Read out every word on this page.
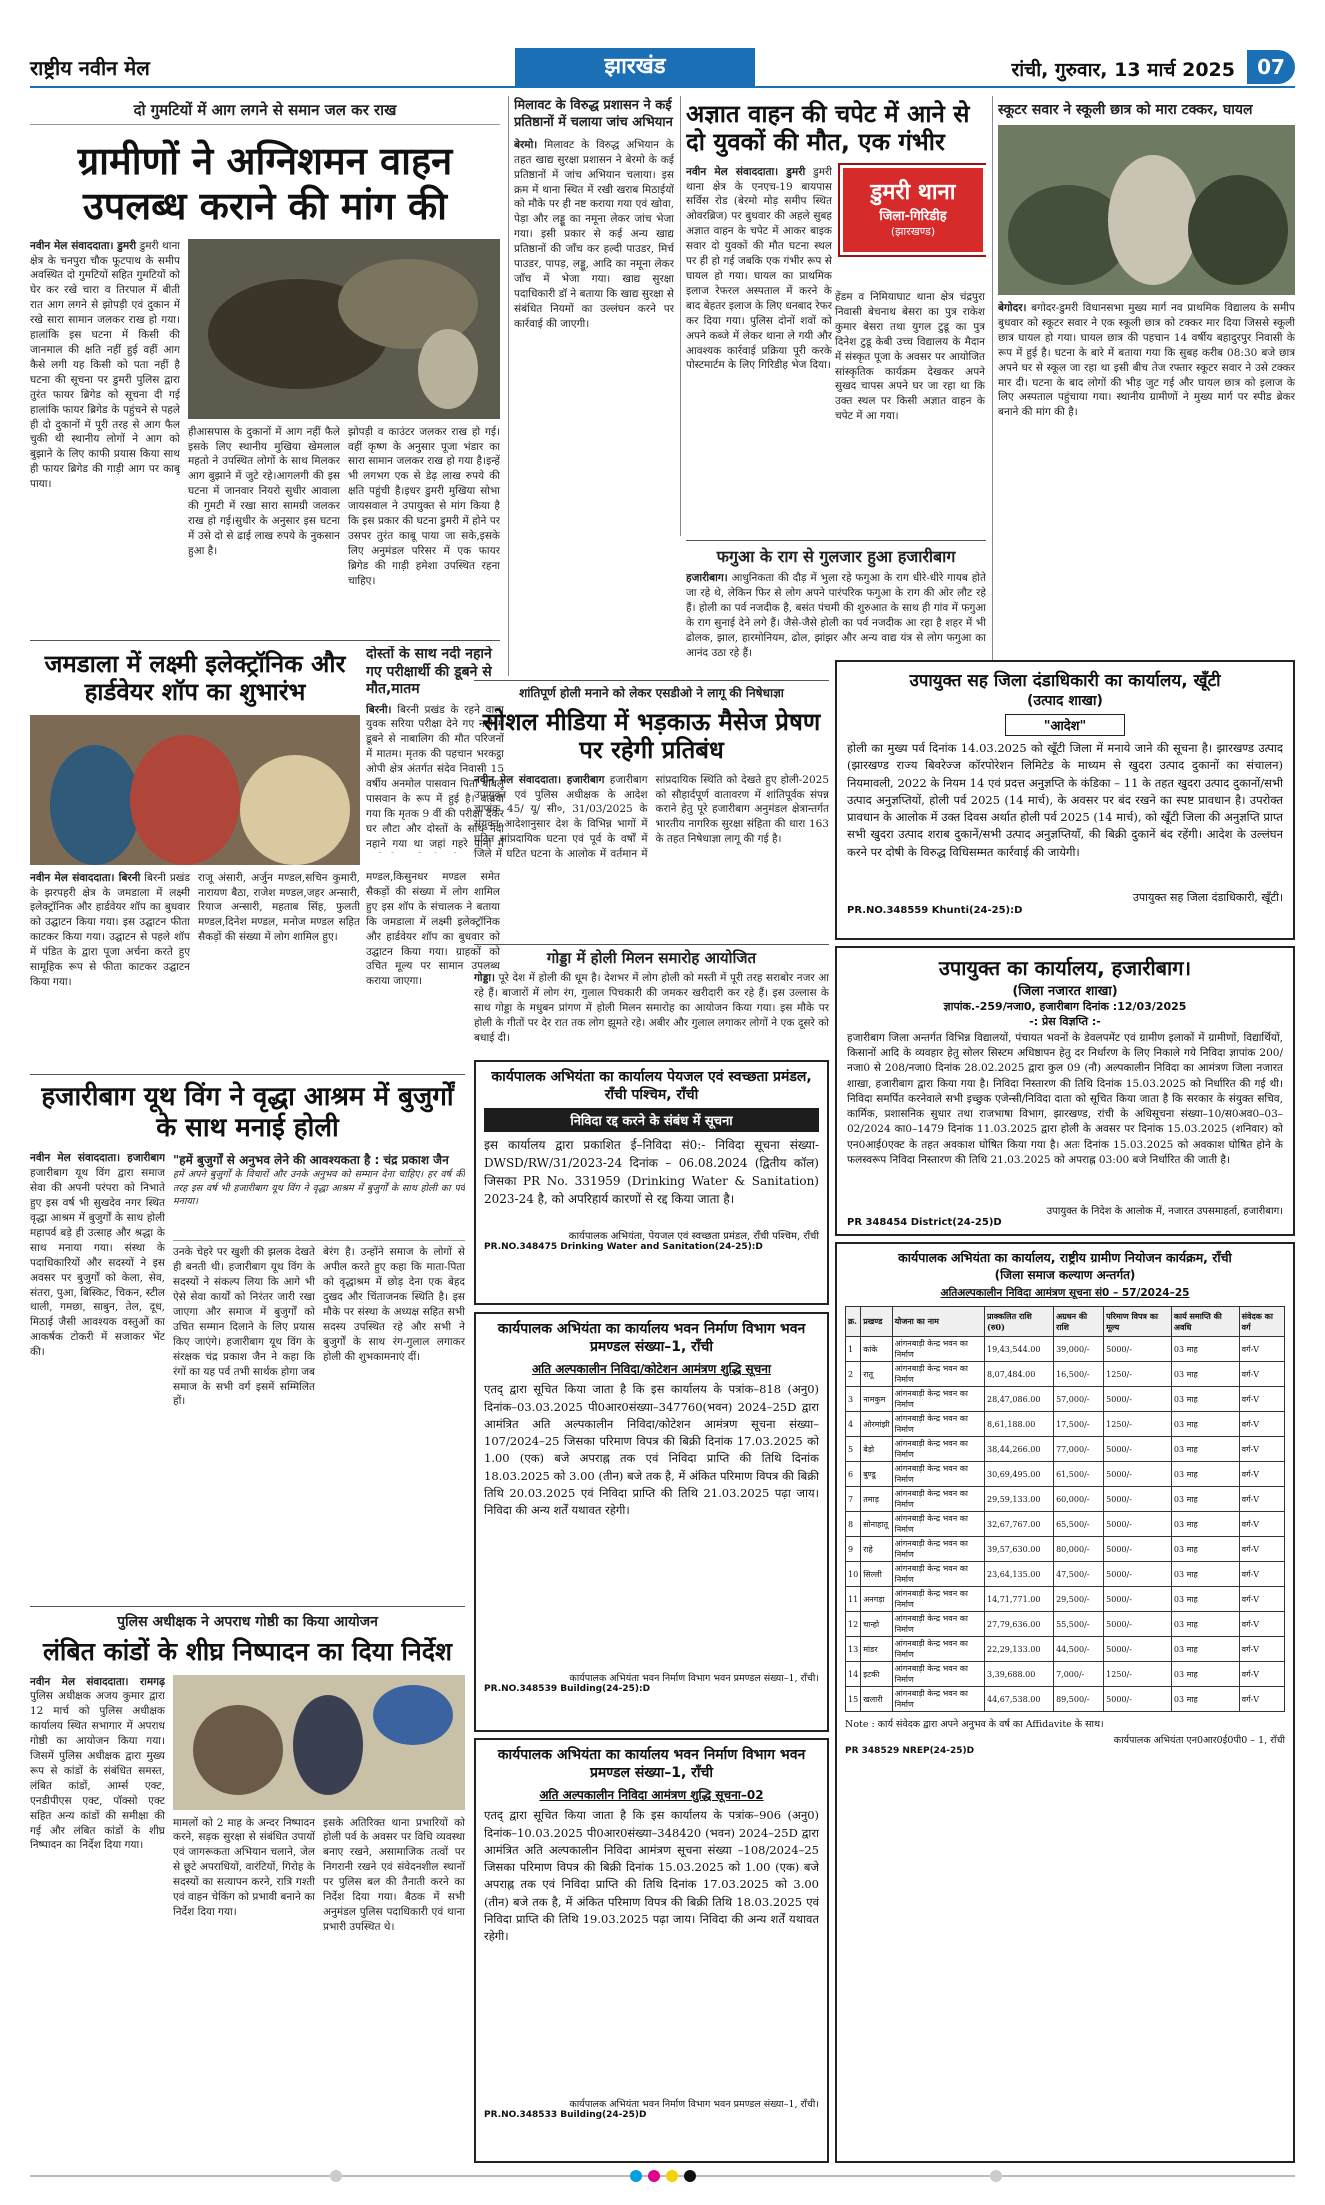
राष्ट्रीय नवीन मेल	झारखंड	रांची, गुरुवार, 13 मार्च 2025	07
दो गुमटियों में आग लगने से समान जल कर राख
ग्रामीणों ने अग्निशमन वाहन उपलब्ध कराने की मांग की
नवीन मेल संवाददाता। डुमरी डुमरी थाना क्षेत्र के चनपुरा चौक फूटपाथ के समीप अवस्थित दो गुमटियों सहित गुमटियों को घेर कर रखे चारा व तिरपाल में बीती रात आग लगने से झोपड़ी एवं दुकान में रखे सारा सामान जलकर राख हो गया। हालांकि इस घटना में किसी की जानमाल की क्षति नहीं हुई वहीं आग कैसे लगी यह किसी को पता नहीं है घटना की सूचना पर डुमरी पुलिस द्वारा तुरंत फायर ब्रिगेड को सूचना दी गई हालांकि फायर ब्रिगेड के पहुंचने से पहले ही दो दुकानों में पूरी तरह से आग फैल चुकी थी स्थानीय लोगों ने आग को बुझाने के लिए काफी प्रयास किया साथ ही फायर ब्रिगेड की गाड़ी आग पर काबू पाया।
हीआसपास के दुकानों में आग नहीं फैले इसके लिए स्थानीय मुखिया खेमलाल महतो ने उपस्थित लोगों के साथ मिलकर आग बुझाने में जुटे रहे।आगलगी की इस घटना में जानवार नियरो सुधीर आवाला की गुमटी में रखा सारा सामग्री जलकर राख हो गई।सुधीर के अनुसार इस घटना में उसे दो से ढाई लाख रुपये के नुकसान हुआ है।
झोपड़ी व काउंटर जलकर राख हो गई।वहीं कृष्ण के अनुसार पूजा भंडार का सारा सामान जलकर राख हो गया है।इन्हें भी लगभग एक से डेढ़ लाख रुपये की क्षति पहुंची है।इधर डुमरी मुखिया सोभा जायसवाल ने उपायुक्त से मांग किया है कि इस प्रकार की घटना डुमरी में होने पर उसपर तुरंत काबू पाया जा सके,इसके लिए अनुमंडल परिसर में एक फायर ब्रिगेड की गाड़ी हमेशा उपस्थित रहना चाहिए।
मिलावट के विरुद्ध प्रशासन ने कई प्रतिष्ठानों में चलाया जांच अभियान
बेरमो। मिलावट के विरुद्ध अभियान के तहत खाद्य सुरक्षा प्रशासन ने बेरमो के कई प्रतिष्ठानों में जांच अभियान चलाया। इस क्रम में थाना स्थित में रखी खराब मिठाईयों को मौके पर ही नष्ट कराया गया एवं खोवा, पेड़ा और लड्डू का नमूना लेकर जांच भेजा गया। इसी प्रकार से कई अन्य खाद्य प्रतिष्ठानों की जाँच कर हल्दी पाउडर, मिर्च पाउडर, पापड़, लड्डू, आदि का नमूना लेकर जाँच में भेजा गया। खाद्य सुरक्षा पदाधिकारी डॉ ने बताया कि खाद्य सुरक्षा से संबंधित नियमों का उल्लंघन करने पर कार्रवाई की जाएगी।
अज्ञात वाहन की चपेट में आने से दो युवकों की मौत, एक गंभीर
नवीन मेल संवाददाता। डुमरी डुमरी थाना क्षेत्र के एनएच-19 बायपास सर्विस रोड (बेरमो मोड़ समीप स्थित ओवरब्रिज) पर बुधवार की अहले सुबह अज्ञात वाहन के चपेट में आकर बाइक सवार दो युवकों की मौत घटना स्थल पर ही हो गई जबकि एक गंभीर रूप से घायल हो गया। घायल का प्राथमिक इलाज रेफरल अस्पताल में करने के बाद बेहतर इलाज के लिए धनबाद रेफर कर दिया गया। पुलिस दोनों शवों को अपने कब्जे में लेकर थाना ले गयी और आवश्यक कार्रवाई प्रक्रिया पूरी करके पोस्टमार्टम के लिए गिरिडीह भेज दिया।
डुमरी थाना
जिला-गिरिडीह
(झारखण्ड)
हेंडम व निमियाघाट थाना क्षेत्र चंद्रपुरा निवासी बेचनाथ बेसरा का पुत्र राकेश कुमार बेसरा तथा युगल टुडू का पुत्र दिनेश टुडू केबी उच्च विद्यालय के मैदान में संस्कृत पूजा के अवसर पर आयोजित सांस्कृतिक कार्यक्रम देखकर अपने सुखद चापस अपने घर जा रहा था कि उक्त स्थल पर किसी अज्ञात वाहन के चपेट में आ गया।
फगुआ के राग से गुलजार हुआ हजारीबाग
हजारीबाग। आधुनिकता की दौड़ में भुला रहे फगुआ के राग धीरे-धीरे गायब होते जा रहे थे, लेकिन फिर से लोग अपने पारंपरिक फगुआ के राग की ओर लौट रहे हैं। होली का पर्व नजदीक है, बसंत पंचमी की शुरुआत के साथ ही गांव में फगुआ के राग सुनाई देने लगे हैं। जैसे-जैसे होली का पर्व नजदीक आ रहा है शहर में भी ढोलक, झाल, हारमोनियम, ढोल, झांझर और अन्य वाद्य यंत्र से लोग फगुआ का आनंद उठा रहे हैं।
स्कूटर सवार ने स्कूली छात्र को मारा टक्कर, घायल
बेगोदर। बगोदर-डुमरी विधानसभा मुख्य मार्ग नव प्राथमिक विद्यालय के समीप बुधवार को स्कूटर सवार ने एक स्कूली छात्र को टक्कर मार दिया जिससे स्कूली छात्र घायल हो गया। घायल छात्र की पहचान 14 वर्षीय बहादुरपुर निवासी के रूप में हुई है। घटना के बारे में बताया गया कि सुबह करीब 08:30 बजे छात्र अपने घर से स्कूल जा रहा था इसी बीच तेज रफ्तार स्कूटर सवार ने उसे टक्कर मार दी। घटना के बाद लोगों की भीड़ जुट गई और घायल छात्र को इलाज के लिए अस्पताल पहुंचाया गया। स्थानीय ग्रामीणों ने मुख्य मार्ग पर स्पीड ब्रेकर बनाने की मांग की है।
जमडाला में लक्ष्मी इलेक्ट्रॉनिक और हार्डवेयर शॉप का शुभारंभ
नवीन मेल संवाददाता। बिरनी बिरनी प्रखंड के झरपहरी क्षेत्र के जमडाला में लक्ष्मी इलेक्ट्रॉनिक और हार्डवेयर शॉप का बुधवार को उद्घाटन किया गया। इस उद्घाटन फीता काटकर किया गया। उद्घाटन से पहले शॉप में पंडित के द्वारा पूजा अर्चना करते हुए सामूहिक रूप से फीता काटकर उद्घाटन किया गया।
राजू अंसारी, अर्जुन मण्डल,सचिन कुमारी, नारायण बैठा, राजेश मण्डल,जहर अन्सारी, रियाज अन्सारी, महताब सिंह, फुलती मण्डल,दिनेश मण्डल, मनोज मण्डल सहित सैकड़ों की संख्या में लोग शामिल हुए।
मण्डल,किसुनधर मण्डल समेत सैकड़ों की संख्या में लोग शामिल हुए इस शॉप के संचालक ने बताया कि जमडाला में लक्ष्मी इलेक्ट्रॉनिक और हार्डवेयर शॉप का बुधवार को उद्घाटन किया गया। ग्राहकों को उचित मूल्य पर सामान उपलब्ध कराया जाएगा।
दोस्तों के साथ नदी नहाने गए परीक्षार्थी की डूबने से मौत,मातम
बिरनी। बिरनी प्रखंड के रहने वाला युवक सरिया परीक्षा देने गए नदी में डूबने से नाबालिग की मौत परिजनों में मातम। मृतक की पहचान भरकट्ठा ओपी क्षेत्र अंतर्गत संदेव निवासी 15 वर्षीय अनमोल पासवान पिता बाबलू पासवान के रूप में हुई है। बताया गया कि मृतक 9 वीं की परीक्षा देकर घर लौटा और दोस्तों के साथ नदी नहाने गया था जहां गहरे पानी में
शांतिपूर्ण होली मनाने को लेकर एसडीओ ने लागू की निषेधाज्ञा
सोशल मीडिया में भड़काऊ मैसेज प्रेषण पर रहेगी प्रतिबंध
नवीन मेल संवाददाता। हजारीबाग हजारीबाग उपायुक्त एवं पुलिस अधीक्षक के आदेश ज्ञापांक 45/ यू/ सी०, 31/03/2025 के संयुक्त आदेशानुसार देश के विभिन्न भागों में घटित सांप्रदायिक घटना एवं पूर्व के वर्षों में जिले में घटित घटना के आलोक में वर्तमान में सांप्रदायिक स्थिति को देखते हुए होली-2025 को सौहार्दपूर्ण वातावरण में शांतिपूर्वक संपन्न कराने हेतु पूरे हजारीबाग अनुमंडल क्षेत्रान्तर्गत भारतीय नागरिक सुरक्षा संहिता की धारा 163 के तहत निषेधाज्ञा लागू की गई है।
गोड्डा में होली मिलन समारोह आयोजित
गोड्डा। पूरे देश में होली की धूम है। देशभर में लोग होली को मस्ती में पूरी तरह सराबोर नजर आ रहे हैं। बाजारों में लोग रंग, गुलाल पिचकारी की जमकर खरीदारी कर रहे हैं। इस उल्लास के साथ गोड्डा के मधुबन प्रांगण में होली मिलन समारोह का आयोजन किया गया। इस मौके पर होली के गीतों पर देर रात तक लोग झूमते रहे। अबीर और गुलाल लगाकर लोगों ने एक दूसरे को बधाई दी।
उपायुक्त सह जिला दंडाधिकारी का कार्यालय, खूँटी
(उत्पाद शाखा)
"आदेश"
होली का मुख्य पर्व दिनांक 14.03.2025 को खूँटी जिला में मनाये जाने की सूचना है। झारखण्ड उत्पाद (झारखण्ड राज्य बिवरेज्ज कॉरपोरेशन लिमिटेड के माध्यम से खुदरा उत्पाद दुकानों का संचालन) नियमावली, 2022 के नियम 14 एवं प्रदत्त अनुज्ञप्ति के कंडिका – 11 के तहत खुदरा उत्पाद दुकानों/सभी उत्पाद अनुज्ञप्तियों, होली पर्व 2025 (14 मार्च), के अवसर पर बंद रखने का स्पष्ट प्रावधान है। उपरोक्त प्रावधान के आलोक में उक्त दिवस अर्थात होली पर्व 2025 (14 मार्च), को खूँटी जिला की अनुज्ञप्ति प्राप्त सभी खुदरा उत्पाद शराब दुकानें/सभी उत्पाद अनुज्ञप्तियाँ, की बिक्री दुकानें बंद रहेंगी। आदेश के उल्लंघन करने पर दोषी के विरुद्ध विधिसम्मत कार्रवाई की जायेगी।
उपायुक्त सह जिला दंडाधिकारी, खूँटी।
PR.NO.348559 Khunti(24-25):D
उपायुक्त का कार्यालय, हजारीबाग।
(जिला नजारत शाखा)
ज्ञापांक.-259/नजा0, हजारीबाग दिनांक :12/03/2025
-: प्रेस विज्ञप्ति :-
हजारीबाग जिला अन्तर्गत विभिन्न विद्यालयों, पंचायत भवनों के डेवलपमेंट एवं ग्रामीण इलाकों में ग्रामीणों, विद्यार्थियों, किसानों आदि के व्यवहार हेतु सोलर सिस्टम अधिष्ठापन हेतु दर निर्धारण के लिए निकाले गये निविदा ज्ञापांक 200/नजा0 से 208/नजा0 दिनांक 28.02.2025 द्वारा कुल 09 (नौ) अल्पकालीन निविदा का आमंत्रण जिला नजारत शाखा, हजारीबाग द्वारा किया गया है। निविदा निस्तारण की तिथि दिनांक 15.03.2025 को निर्धारित की गई थी। निविदा समर्पित करनेवाले सभी इच्छुक एजेन्सी/निविदा दाता को सूचित किया जाता है कि सरकार के संयुक्त सचिव, कार्मिक, प्रशासनिक सुधार तथा राजभाषा विभाग, झारखण्ड, रांची के अधिसूचना संख्या–10/स0अव0–03–02/2024 का0–1479 दिनांक 11.03.2025 द्वारा होली के अवसर पर दिनांक 15.03.2025 (शनिवार) को एन0आई0एक्ट के तहत अवकाश घोषित किया गया है। अतः दिनांक 15.03.2025 को अवकाश घोषित होने के फलस्वरूप निविदा निस्तारण की तिथि 21.03.2025 को अपराह्न 03:00 बजे निर्धारित की जाती है।
उपायुक्त के निदेश के आलोक में, नजारत उपसमाहर्ता, हजारीबाग।
PR 348454 District(24-25)D
हजारीबाग यूथ विंग ने वृद्धा आश्रम में बुजुर्गों के साथ मनाई होली
नवीन मेल संवाददाता। हजारीबाग हजारीबाग यूथ विंग द्वारा समाज सेवा की अपनी परंपरा को निभाते हुए इस वर्ष भी सुखदेव नगर स्थित वृद्धा आश्रम में बुजुर्गों के साथ होली महापर्व बड़े ही उत्साह और श्रद्धा के साथ मनाया गया। संस्था के पदाधिकारियों और सदस्यों ने इस अवसर पर बुजुर्गों को केला, सेव, संतरा, पुआ, बिस्किट, चिकन, स्टील थाली, गमछा, साबुन, तेल, दूध, मिठाई जैसी आवश्यक वस्तुओं का आकर्षक टोकरी में सजाकर भेंट की।
"हमें बुजुर्गों से अनुभव लेने की आवश्यकता है : चंद्र प्रकाश जैन
हमें अपने बुजुर्गों के विचारों और उनके अनुभव को सम्मान देना चाहिए। हर वर्ष की तरह इस वर्ष भी हजारीबाग यूथ विंग ने वृद्धा आश्रम में बुजुर्गों के साथ होली का पर्व मनाया।
उनके चेहरे पर खुशी की झलक देखते ही बनती थी। हजारीबाग यूथ विंग के सदस्यों ने संकल्प लिया कि आगे भी ऐसे सेवा कार्यों को निरंतर जारी रखा जाएगा और समाज में बुजुर्गों को उचित सम्मान दिलाने के लिए प्रयास किए जाएंगे। हजारीबाग यूथ विंग के संरक्षक चंद्र प्रकाश जैन ने कहा कि रंगों का यह पर्व तभी सार्थक होगा जब समाज के सभी वर्ग इसमें सम्मिलित हों।
बेरंग है। उन्होंने समाज के लोगों से अपील करते हुए कहा कि माता-पिता को वृद्धाश्रम में छोड़ देना एक बेहद दुखद और चिंताजनक स्थिति है। इस मौके पर संस्था के अध्यक्ष सहित सभी सदस्य उपस्थित रहे और सभी ने बुजुर्गों के साथ रंग-गुलाल लगाकर होली की शुभकामनाएं दीं।
पुलिस अधीक्षक ने अपराध गोष्ठी का किया आयोजन
लंबित कांडों के शीघ्र निष्पादन का दिया निर्देश
नवीन मेल संवाददाता। रामगढ़ पुलिस अधीक्षक अजय कुमार द्वारा 12 मार्च को पुलिस अधीक्षक कार्यालय स्थित सभागार में अपराध गोष्ठी का आयोजन किया गया। जिसमें पुलिस अधीक्षक द्वारा मुख्य रूप से कांडों के संबंधित समस्त, लंबित कांडों, आर्म्स एक्ट, एनडीपीएस एक्ट, पॉक्सो एक्ट सहित अन्य कांडों की समीक्षा की गई और लंबित कांडों के शीघ्र निष्पादन का निर्देश दिया गया।
मामलों को 2 माह के अन्दर निष्पादन करने, सड़क सुरक्षा से संबंधित उपायों एवं जागरूकता अभियान चलाने, जेल से छूटे अपराधियों, वारंटियों, गिरोह के सदस्यों का सत्यापन करने, रात्रि गश्ती एवं वाहन चेकिंग को प्रभावी बनाने का निर्देश दिया गया।
इसके अतिरिक्त थाना प्रभारियों को होली पर्व के अवसर पर विधि व्यवस्था बनाए रखने, असामाजिक तत्वों पर निगरानी रखने एवं संवेदनशील स्थानों पर पुलिस बल की तैनाती करने का निर्देश दिया गया। बैठक में सभी अनुमंडल पुलिस पदाधिकारी एवं थाना प्रभारी उपस्थित थे।
कार्यपालक अभियंता का कार्यालय पेयजल एवं स्वच्छता प्रमंडल, राँची पश्चिम, राँची
निविदा रद्द करने के संबंध में सूचना
इस कार्यालय द्वारा प्रकाशित ई–निविदा सं0:- निविदा सूचना संख्या- DWSD/RW/31/2023-24 दिनांक – 06.08.2024 (द्वितीय कॉल) जिसका PR No. 331959 (Drinking Water & Sanitation) 2023-24 है, को अपरिहार्य कारणों से रद्द किया जाता है।
कार्यपालक अभियंता, पेयजल एवं स्वच्छता प्रमंडल, राँची पश्चिम, राँची
PR.NO.348475 Drinking Water and Sanitation(24-25):D
कार्यपालक अभियंता का कार्यालय भवन निर्माण विभाग भवन प्रमण्डल संख्या–1, राँची
अति अल्पकालीन निविदा/कोटेशन आमंत्रण शुद्धि सूचना
एतद् द्वारा सूचित किया जाता है कि इस कार्यालय के पत्रांक–818 (अनु0) दिनांक–03.03.2025 पी0आर0संख्या–347760(भवन) 2024–25D द्वारा आमंत्रित अति अल्पकालीन निविदा/कोटेशन आमंत्रण सूचना संख्या– 107/2024–25 जिसका परिमाण विपत्र की बिक्री दिनांक 17.03.2025 को 1.00 (एक) बजे अपराह्न तक एवं निविदा प्राप्ति की तिथि दिनांक 18.03.2025 को 3.00 (तीन) बजे तक है, में अंकित परिमाण विपत्र की बिक्री तिथि 20.03.2025 एवं निविदा प्राप्ति की तिथि 21.03.2025 पढ़ा जाय। निविदा की अन्य शर्तें यथावत रहेगी।
कार्यपालक अभियंता भवन निर्माण विभाग भवन प्रमण्डल संख्या–1, राँची।
PR.NO.348539 Building(24-25):D
कार्यपालक अभियंता का कार्यालय भवन निर्माण विभाग भवन प्रमण्डल संख्या–1, राँची
अति अल्पकालीन निविदा आमंत्रण शुद्धि सूचना–02
एतद् द्वारा सूचित किया जाता है कि इस कार्यालय के पत्रांक–906 (अनु0) दिनांक–10.03.2025 पी0आर0संख्या–348420 (भवन) 2024–25D द्वारा आमंत्रित अति अल्पकालीन निविदा आमंत्रण सूचना संख्या –108/2024–25 जिसका परिमाण विपत्र की बिक्री दिनांक 15.03.2025 को 1.00 (एक) बजे अपराह्न तक एवं निविदा प्राप्ति की तिथि दिनांक 17.03.2025 को 3.00 (तीन) बजे तक है, में अंकित परिमाण विपत्र की बिक्री तिथि 18.03.2025 एवं निविदा प्राप्ति की तिथि 19.03.2025 पढ़ा जाय। निविदा की अन्य शर्तें यथावत रहेगी।
कार्यपालक अभियंता भवन निर्माण विभाग भवन प्रमण्डल संख्या–1, राँची।
PR.NO.348533 Building(24-25)D
कार्यपालक अभियंता का कार्यालय, राष्ट्रीय ग्रामीण नियोजन कार्यक्रम, राँची
(जिला समाज कल्याण अन्तर्गत)
अतिअल्पकालीन निविदा आमंत्रण सूचना सं0 – 57/2024–25
क्र.	प्रखण्ड	योजना का नाम	प्राक्कलित राशि (रु0)	अग्रधन की राशि	परिमाण विपत्र का मूल्य	कार्य समाप्ति की अवधि	संवेदक का वर्ग
1	कांके	आंगनबाड़ी केन्द्र भवन का निर्माण	19,43,544.00	39,000/-	5000/-	03 माह	वर्ग-V
2	रातू	आंगनबाड़ी केन्द्र भवन का निर्माण	8,07,484.00	16,500/-	1250/-	03 माह	वर्ग-V
3	नामकुम	आंगनबाड़ी केन्द्र भवन का निर्माण	28,47,086.00	57,000/-	5000/-	03 माह	वर्ग-V
4	ओरमांझी	आंगनबाड़ी केन्द्र भवन का निर्माण	8,61,188.00	17,500/-	1250/-	03 माह	वर्ग-V
5	बेड़ो	आंगनबाड़ी केन्द्र भवन का निर्माण	38,44,266.00	77,000/-	5000/-	03 माह	वर्ग-V
6	बुण्डू	आंगनबाड़ी केन्द्र भवन का निर्माण	30,69,495.00	61,500/-	5000/-	03 माह	वर्ग-V
7	तमाड़	आंगनबाड़ी केन्द्र भवन का निर्माण	29,59,133.00	60,000/-	5000/-	03 माह	वर्ग-V
8	सोनाहातू	आंगनबाड़ी केन्द्र भवन का निर्माण	32,67,767.00	65,500/-	5000/-	03 माह	वर्ग-V
9	राहे	आंगनबाड़ी केन्द्र भवन का निर्माण	39,57,630.00	80,000/-	5000/-	03 माह	वर्ग-V
10	सिल्ली	आंगनबाड़ी केन्द्र भवन का निर्माण	23,64,135.00	47,500/-	5000/-	03 माह	वर्ग-V
11	अनगड़ा	आंगनबाड़ी केन्द्र भवन का निर्माण	14,71,771.00	29,500/-	5000/-	03 माह	वर्ग-V
12	चान्हो	आंगनबाड़ी केन्द्र भवन का निर्माण	27,79,636.00	55,500/-	5000/-	03 माह	वर्ग-V
13	मांडर	आंगनबाड़ी केन्द्र भवन का निर्माण	22,29,133.00	44,500/-	5000/-	03 माह	वर्ग-V
14	इटकी	आंगनबाड़ी केन्द्र भवन का निर्माण	3,39,688.00	7,000/-	1250/-	03 माह	वर्ग-V
15	खलारी	आंगनबाड़ी केन्द्र भवन का निर्माण	44,67,538.00	89,500/-	5000/-	03 माह	वर्ग-V
Note : कार्य संवेदक द्वारा अपने अनुभव के वर्ष का Affidavite के साथ।
कार्यपालक अभियंता एन0आर0ई0पी0 – 1, राँची
PR 348529 NREP(24-25)D
